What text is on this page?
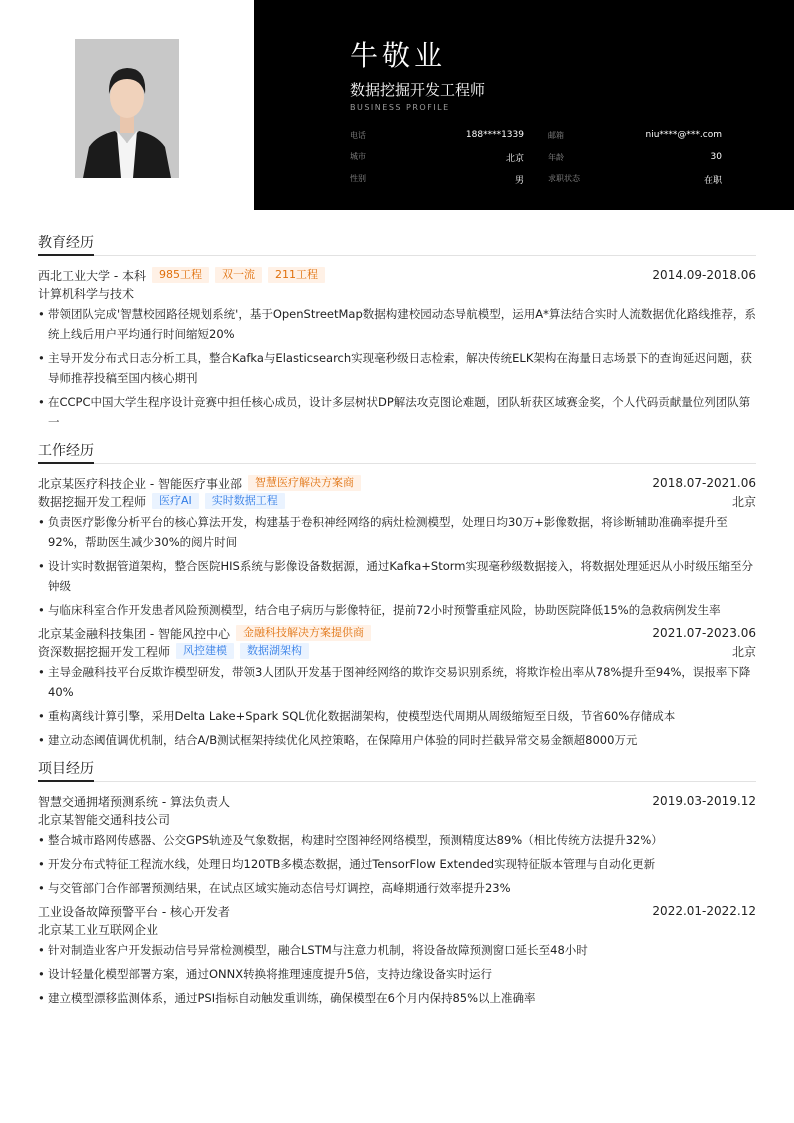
牛敬业
数据挖掘开发工程师
BUSINESS PROFILE
电话	188****1339	邮箱	niu****@***.com
城市	北京	年龄	30
性别	男	求职状态	在职
教育经历
西北工业大学 - 本科	985工程	双一流	211工程	2014.09-2018.06
计算机科学与技术
• 带领团队完成'智慧校园路径规划系统'，基于OpenStreetMap数据构建校园动态导航模型，运用A*算法结合实时人流数据优化路线推荐，系统上线后用户平均通行时间缩短20%
• 主导开发分布式日志分析工具，整合Kafka与Elasticsearch实现毫秒级日志检索，解决传统ELK架构在海量日志场景下的查询延迟问题，获导师推荐投稿至国内核心期刊
• 在CCPC中国大学生程序设计竞赛中担任核心成员，设计多层树状DP解法攻克图论难题，团队斩获区域赛金奖，个人代码贡献量位列团队第一
工作经历
北京某医疗科技企业 - 智能医疗事业部	智慧医疗解决方案商	2018.07-2021.06
数据挖掘开发工程师	医疗AI	实时数据工程	北京
• 负责医疗影像分析平台的核心算法开发，构建基于卷积神经网络的病灶检测模型，处理日均30万+影像数据，将诊断辅助准确率提升至92%，帮助医生减少30%的阅片时间
• 设计实时数据管道架构，整合医院HIS系统与影像设备数据源，通过Kafka+Storm实现毫秒级数据接入，将数据处理延迟从小时级压缩至分钟级
• 与临床科室合作开发患者风险预测模型，结合电子病历与影像特征，提前72小时预警重症风险，协助医院降低15%的急救病例发生率
北京某金融科技集团 - 智能风控中心	金融科技解决方案提供商	2021.07-2023.06
资深数据挖掘开发工程师	风控建模	数据湖架构	北京
• 主导金融科技平台反欺诈模型研发，带领3人团队开发基于图神经网络的欺诈交易识别系统，将欺诈检出率从78%提升至94%，误报率下降40%
• 重构离线计算引擎，采用Delta Lake+Spark SQL优化数据湖架构，使模型迭代周期从周级缩短至日级，节省60%存储成本
• 建立动态阈值调优机制，结合A/B测试框架持续优化风控策略，在保障用户体验的同时拦截异常交易金额超8000万元
项目经历
智慧交通拥堵预测系统 - 算法负责人	2019.03-2019.12
北京某智能交通科技公司
• 整合城市路网传感器、公交GPS轨迹及气象数据，构建时空图神经网络模型，预测精度达89%（相比传统方法提升32%）
• 开发分布式特征工程流水线，处理日均120TB多模态数据，通过TensorFlow Extended实现特征版本管理与自动化更新
• 与交管部门合作部署预测结果，在试点区域实施动态信号灯调控，高峰期通行效率提升23%
工业设备故障预警平台 - 核心开发者	2022.01-2022.12
北京某工业互联网企业
• 针对制造业客户开发振动信号异常检测模型，融合LSTM与注意力机制，将设备故障预测窗口延长至48小时
• 设计轻量化模型部署方案，通过ONNX转换将推理速度提升5倍，支持边缘设备实时运行
• 建立模型漂移监测体系，通过PSI指标自动触发重训练，确保模型在6个月内保持85%以上准确率
